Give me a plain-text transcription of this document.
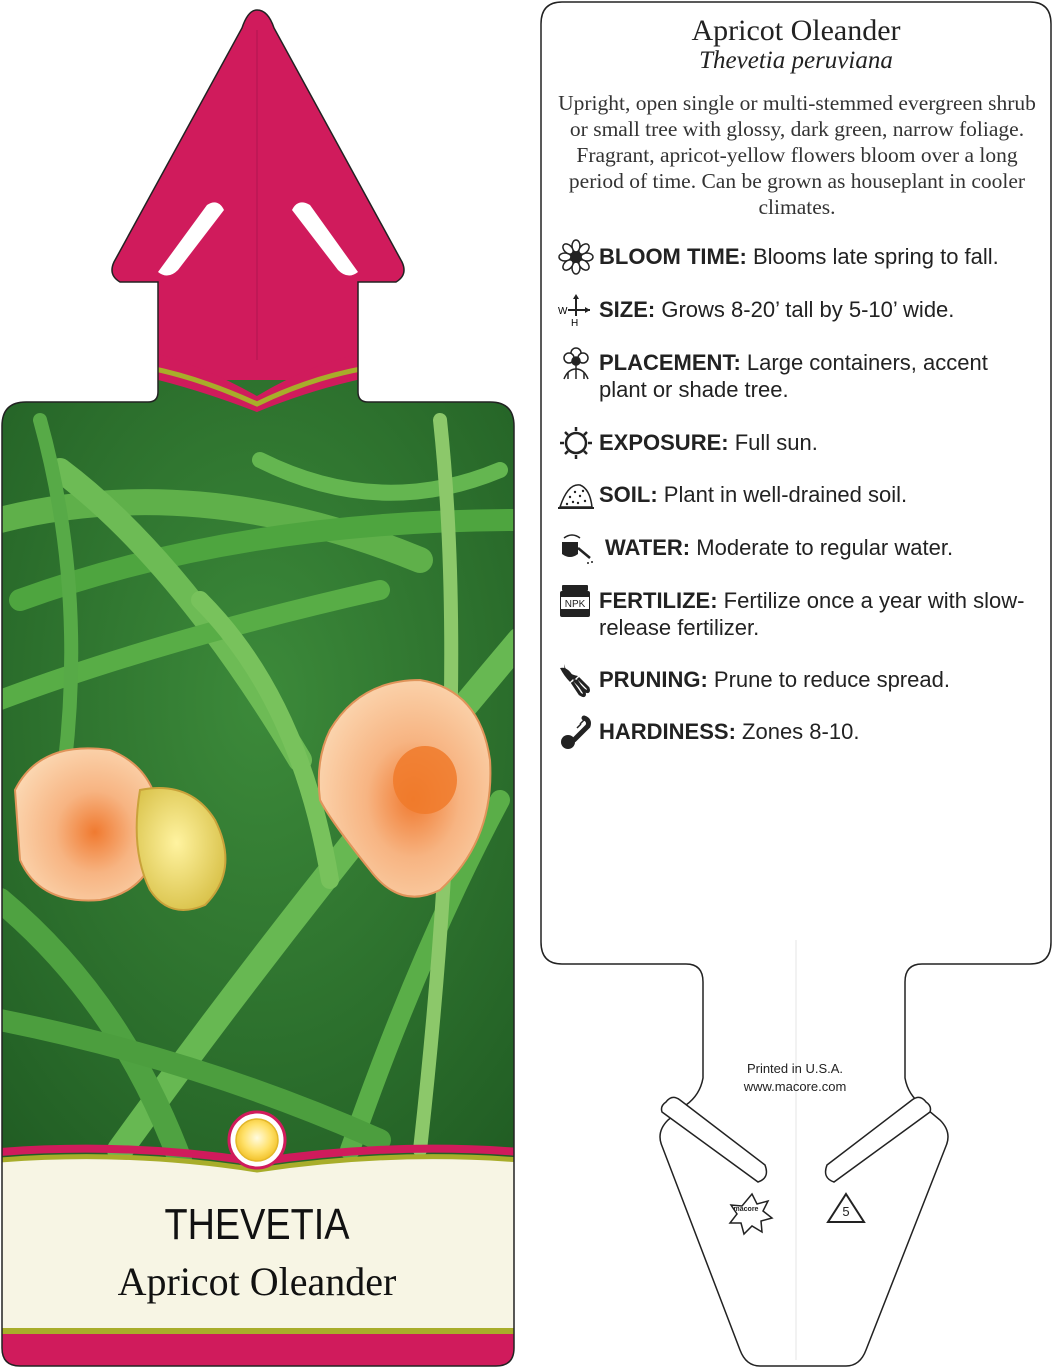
THEVETIA
Apricot Oleander
Apricot Oleander
Thevetia peruviana
Upright, open single or multi-stemmed evergreen shrub or small tree with glossy, dark green, narrow foliage. Fragrant, apricot-yellow flowers bloom over a long period of time. Can be grown as houseplant in cooler climates.
BLOOM TIME: Blooms late spring to fall.
W
H
SIZE: Grows 8-20’ tall by 5-10’ wide.
PLACEMENT: Large containers, accent plant or shade tree.
EXPOSURE: Full sun.
SOIL: Plant in well-drained soil.
WATER: Moderate to regular water.
NPK FERTILIZE: Fertilize once a year with slow-release fertilizer.
PRUNING: Prune to reduce spread.
HARDINESS: Zones 8-10.
Printed in U.S.A.
www.macore.com
macore	5
